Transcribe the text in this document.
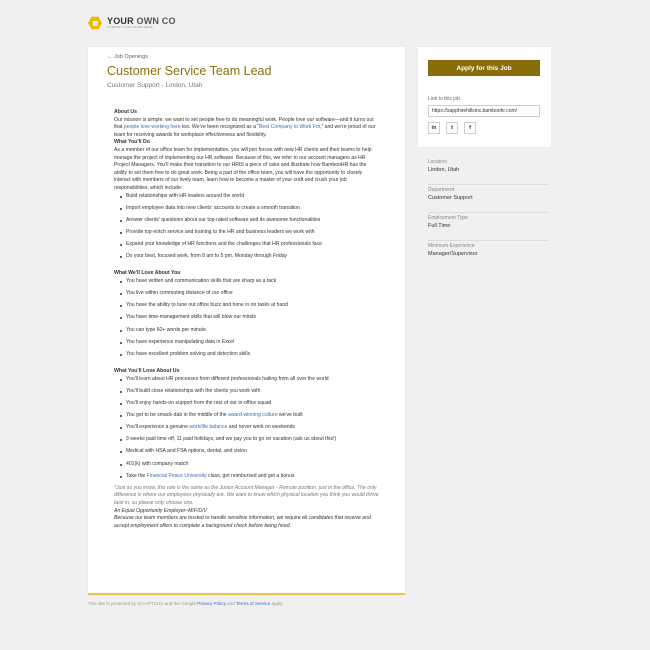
YOUR OWN CO
COMPANY LOGO GOES HERE
← Job Openings
Customer Service Team Lead
Customer Support - Lindon, Utah
About Us

Our mission is simple: we want to set people free to do meaningful work. People love our software—and it turns out that people love working here too. We've been recognized as a “Best Company to Work For,” and we're proud of our team for receiving awards for workplace effectiveness and flexibility.

What You'll Do

As a member of our office team for implementation, you will join forces with new HR clients and their teams to help manage the project of implementing our HR software. Because of this, we refer to our account managers as HR Project Managers. You'll make their transition to our HRIS a piece of cake and illustrate how BambooHR has the ability to set them free to do great work. Being a part of the office team, you will have the opportunity to closely interact with members of our lively team, learn how to become a master of your craft and crush your job responsibilities, which include:

Build relationships with HR leaders around the world
Import employee data into new clients' accounts to create a smooth transition
Answer clients' questions about our top-rated software and its awesome functionalities
Provide top-notch service and training to the HR and business leaders we work with
Expand your knowledge of HR functions and the challenges that HR professionals face
Do your best, focused work, from 8 am to 5 pm, Monday through Friday
What We'll Love About You
You have written and communication skills that are sharp as a tack
You live within commuting distance of our office
You have the ability to tune out office buzz and hone in on tasks at hand
You have time-management skills that will blow our minds
You can type 60+ words per minute
You have experience manipulating data in Excel
You have excellent problem solving and detection skills
What You'll Love About Us
You'll learn about HR processes from different professionals hailing from all over the world
You'll build close relationships with the clients you work with
You'll enjoy hands-on support from the rest of our in-office squad
You get to be smack-dab in the middle of the award-winning culture we've built
You'll experience a genuine work/life balance and never work on weekends
3 weeks paid time off, 11 paid holidays, and we pay you to go on vacation (ask us about this!)
Medical with HSA and FSA options, dental, and vision
401(k) with company match
Take the Financial Peace University class, get reimbursed and get a bonus

*Just so you know, this role is the same as the Junior Account Manager - Remote position, just in the office. The only difference is where our employees physically are. We want to know which physical location you think you would thrive best in, so please only choose one.

An Equal Opportunity Employer–M/F/D/V

Because our team members are trusted to handle sensitive information, we require all candidates that receive and accept employment offers to complete a background check before being hired.

Apply for this Job
Link to this job
https://sapphirehillsinc.bamboohr.com/
in	t	f
Location
Lindon, Utah
Department
Customer Support
Employment Type
Full Time
Minimum Experience
Manager/Supervisor
This site is protected by reCAPTCHA and the Google Privacy Policy and Terms of Service apply.
